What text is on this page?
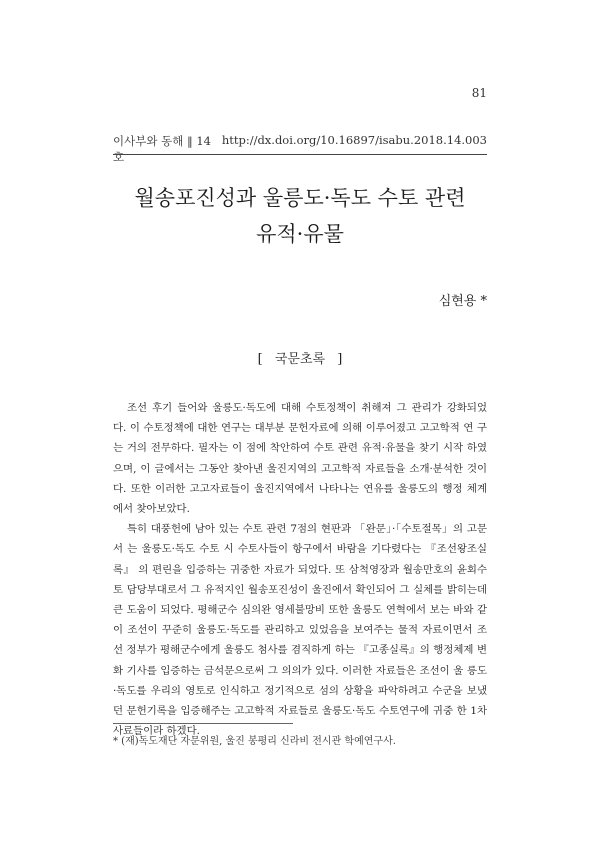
81
이사부와 동해 ‖ 14호
http://dx.doi.org/10.16897/isabu.2018.14.003
월송포진성과 울릉도·독도 수토 관련
유적·유물
심현용 *
[ 국문초록 ]

조선 후기 들어와 울릉도·독도에 대해 수토정책이 취해져 그 관리가 강화되었 다. 이 수토정책에 대한 연구는 대부분 문헌자료에 의해 이루어졌고 고고학적 연 구는 거의 전무하다. 필자는 이 점에 착안하여 수토 관련 유적·유물을 찾기 시작 하였으며, 이 글에서는 그동안 찾아낸 울진지역의 고고학적 자료들을 소개·분석한 것이다. 또한 이러한 고고자료들이 울진지역에서 나타나는 연유를 울릉도의 행정 체계에서 찾아보았다.

특히 대풍헌에 남아 있는 수토 관련 7점의 현판과 「완문」·「수토절목」의 고문서 는 울릉도·독도 수토 시 수토사들이 항구에서 바람을 기다렸다는 『조선왕조실록』 의 편린을 입증하는 귀중한 자료가 되었다. 또 삼척영장과 월송만호의 윤회수토 담당부대로서 그 유적지인 월송포진성이 울진에서 확인되어 그 실체를 밝히는데 큰 도움이 되었다. 평해군수 심의완 영세불망비 또한 울릉도 연혁에서 보는 바와 같이 조선이 꾸준히 울릉도·독도를 관리하고 있었음을 보여주는 물적 자료이면서 조선 정부가 평해군수에게 울릉도 첨사를 겸직하게 하는 『고종실록』의 행정체제 변화 기사를 입증하는 금석문으로써 그 의의가 있다. 이러한 자료들은 조선이 울 릉도·독도를 우리의 영토로 인식하고 정기적으로 섬의 상황을 파악하려고 수군을 보냈던 문헌기록을 입증해주는 고고학적 자료들로 울릉도·독도 수토연구에 귀중 한 1차 사료들이라 하겠다.

* (재)독도재단 자문위원, 울진 봉평리 신라비 전시관 학예연구사.
